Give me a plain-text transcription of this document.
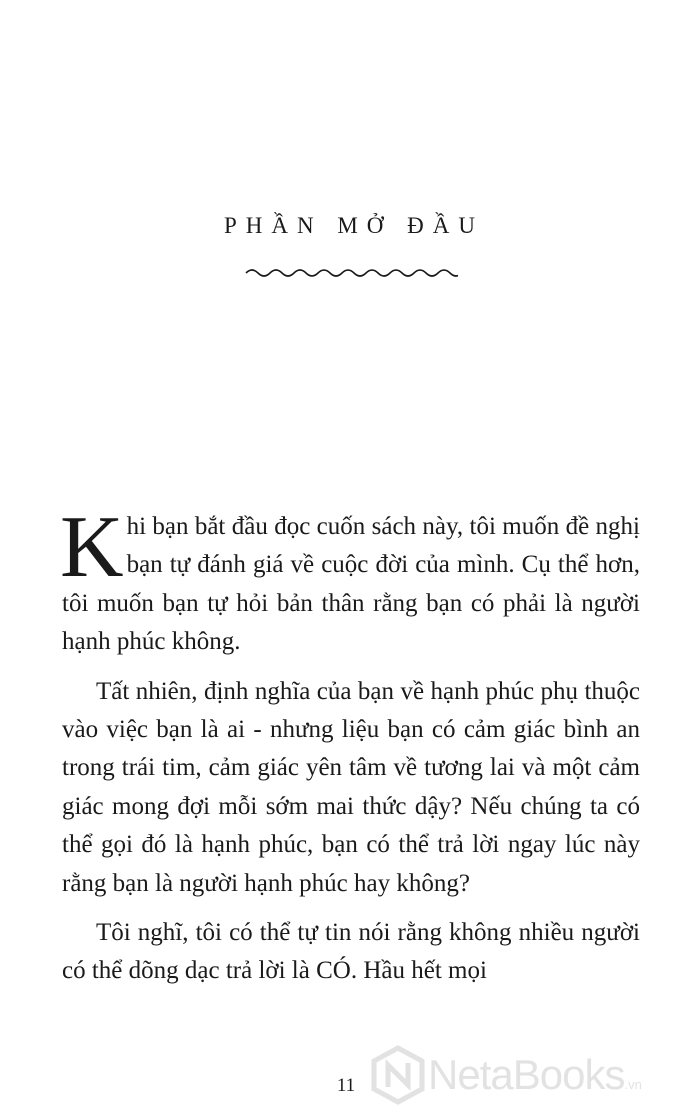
PHẦN MỞ ĐẦU

Khi bạn bắt đầu đọc cuốn sách này, tôi muốn đề nghị bạn tự đánh giá về cuộc đời của mình. Cụ thể hơn, tôi muốn bạn tự hỏi bản thân rằng bạn có phải là người hạnh phúc không.

Tất nhiên, định nghĩa của bạn về hạnh phúc phụ thuộc vào việc bạn là ai - nhưng liệu bạn có cảm giác bình an trong trái tim, cảm giác yên tâm về tương lai và một cảm giác mong đợi mỗi sớm mai thức dậy? Nếu chúng ta có thể gọi đó là hạnh phúc, bạn có thể trả lời ngay lúc này rằng bạn là người hạnh phúc hay không?

Tôi nghĩ, tôi có thể tự tin nói rằng không nhiều người có thể dõng dạc trả lời là CÓ. Hầu hết mọi

11	NetaBooks .vn
